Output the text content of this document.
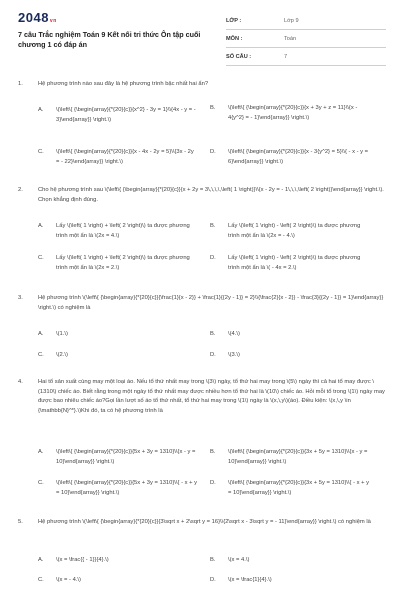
2048vn
7 câu Trắc nghiệm Toán 9 Kết nối tri thức Ôn tập cuối chương 1 có đáp án
LỚP :	Lớp 9
MÔN :	Toán
SỐ CÂU :	7
1.	Hệ phương trình nào sau đây là hệ phương trình bậc nhất hai ẩn?
A. \(\left\{ {\begin{array}{*{20}{c}}{x^2} - 3y = 1}\\{4x - y = - 3}\end{array}} \right.\)
B. \(\left\{ {\begin{array}{*{20}{c}}{x + 3y + z = 11}\\{x - 4{y^2} = - 1}\end{array}} \right.\)
C. \(\left\{ {\begin{array}{*{20}{c}}{x - 4x - 2y = 5}\\{3x - 2y = - 22}\end{array}} \right.\)
D. \(\left\{ {\begin{array}{*{20}{c}}{x - 3{y^2} = 5}\\{ - x - y = 6}\end{array}} \right.\)
2.	Cho hệ phương trình sau \(\left\{ {\begin{array}{*{20}{c}}{x + 2y = 3\,\,\,\,\left( 1 \right)}\\{x - 2y = - 1\,\,\,\left( 2 \right)}\end{array}} \right.\). Chọn khẳng định đúng.
A. Lấy \(\left( 1 \right) + \left( 2 \right)\) ta được phương trình một ẩn là \(2x = 4.\)
B. Lấy \(\left( 1 \right) - \left( 2 \right)\) ta được phương trình một ẩn là \(2x = - 4.\)
C. Lấy \(\left( 1 \right) + \left( 2 \right)\) ta được phương trình một ẩn là \(2x = 2.\)
D. Lấy \(\left( 1 \right) - \left( 2 \right)\) ta được phương trình một ẩn là \( - 4x = 2.\)
3.	Hệ phương trình \(\left\{ {\begin{array}{*{20}{c}}{\frac{1}{x - 2}} + \frac{1}{{2y - 1}} = 2}\\{\frac{2}{x - 2}} - \frac{3}{{2y - 1}} = 1}\end{array}} \right.\) có nghiệm là
A. \(1.\)	B. \(4.\)
C. \(2.\)	D. \(3.\)
4.	Hai tổ sản xuất cùng may một loại áo. Nếu tổ thứ nhất may trong \(3\) ngày, tổ thứ hai may trong \(5\) ngày thì cả hai tổ may được \(1310\) chiếc áo. Biết rằng trong một ngày tổ thứ nhất may được nhiều hơn tổ thứ hai là \(10\) chiếc áo. Hỏi mỗi tổ trong \(1\) ngày may được bao nhiêu chiếc áo?Gọi lần lượt số áo tổ thứ nhất, tổ thứ hai may trong \(1\) ngày là \(x,\,y\)(áo). Điều kiện: \(x,\,y \in {\mathbb{N}^*}.\)Khi đó, ta có hệ phương trình là
A. \(\left\{ {\begin{array}{*{20}{c}}{5x + 3y = 1310}\\{x - y = 10}\end{array}} \right.\)
B. \(\left\{ {\begin{array}{*{20}{c}}{3x + 5y = 1310}\\{x - y = 10}\end{array}} \right.\)
C. \(\left\{ {\begin{array}{*{20}{c}}{5x + 3y = 1310}\\{ - x + y = 10}\end{array}} \right.\)
D. \(\left\{ {\begin{array}{*{20}{c}}{3x + 5y = 1310}\\{ - x + y = 10}\end{array}} \right.\)
5.	Hệ phương trình \(\left\{ {\begin{array}{*{20}{c}}{3\sqrt x + 2\sqrt y = 16}\\{2\sqrt x - 3\sqrt y = - 11}\end{array}} \right.\) có nghiệm là
A. \(x = \frac{{ - 1}}{4}.\)	B. \(x = 4.\)
C. \(x = - 4.\)	D. \(x = \frac{1}{4}.\)
